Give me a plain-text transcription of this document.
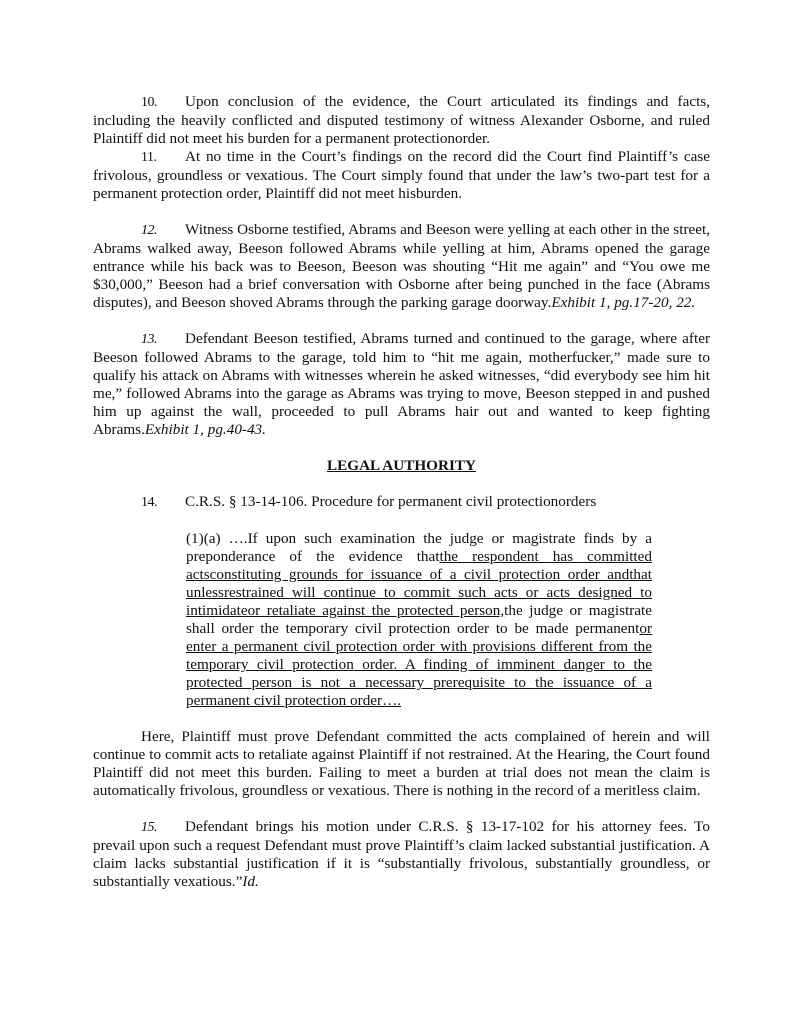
10. Upon conclusion of the evidence, the Court articulated its findings and facts, including the heavily conflicted and disputed testimony of witness Alexander Osborne, and ruled Plaintiff did not meet his burden for a permanent protectionorder.

11. At no time in the Court’s findings on the record did the Court find Plaintiff’s case frivolous, groundless or vexatious. The Court simply found that under the law’s two-part test for a permanent protection order, Plaintiff did not meet hisburden.

12. Witness Osborne testified, Abrams and Beeson were yelling at each other in the street, Abrams walked away, Beeson followed Abrams while yelling at him, Abrams opened the garage entrance while his back was to Beeson, Beeson was shouting “Hit me again” and “You owe me $30,000,” Beeson had a brief conversation with Osborne after being punched in the face (Abrams disputes), and Beeson shoved Abrams through the parking garage doorway.Exhibit 1, pg.17-20, 22.

13. Defendant Beeson testified, Abrams turned and continued to the garage, where after Beeson followed Abrams to the garage, told him to “hit me again, motherfucker,” made sure to qualify his attack on Abrams with witnesses wherein he asked witnesses, “did everybody see him hit me,” followed Abrams into the garage as Abrams was trying to move, Beeson stepped in and pushed him up against the wall, proceeded to pull Abrams hair out and wanted to keep fighting Abrams.Exhibit 1, pg.40-43.

LEGAL AUTHORITY

14. C.R.S. § 13-14-106. Procedure for permanent civil protectionorders

(1)(a) ….If upon such examination the judge or magistrate finds by a preponderance of the evidence thatthe respondent has committed actsconstituting grounds for issuance of a civil protection order andthat unlessrestrained will continue to commit such acts or acts designed to intimidateor retaliate against the protected person,the judge or magistrate shall order the temporary civil protection order to be made permanentor enter a permanent civil protection order with provisions different from the temporary civil protection order. A finding of imminent danger to the protected person is not a necessary prerequisite to the issuance of a permanent civil protection order….

Here, Plaintiff must prove Defendant committed the acts complained of herein and will continue to commit acts to retaliate against Plaintiff if not restrained. At the Hearing, the Court found Plaintiff did not meet this burden. Failing to meet a burden at trial does not mean the claim is automatically frivolous, groundless or vexatious. There is nothing in the record of a meritless claim.

15. Defendant brings his motion under C.R.S. § 13-17-102 for his attorney fees. To prevail upon such a request Defendant must prove Plaintiff’s claim lacked substantial justification. A claim lacks substantial justification if it is “substantially frivolous, substantially groundless, or substantially vexatious.”Id.
